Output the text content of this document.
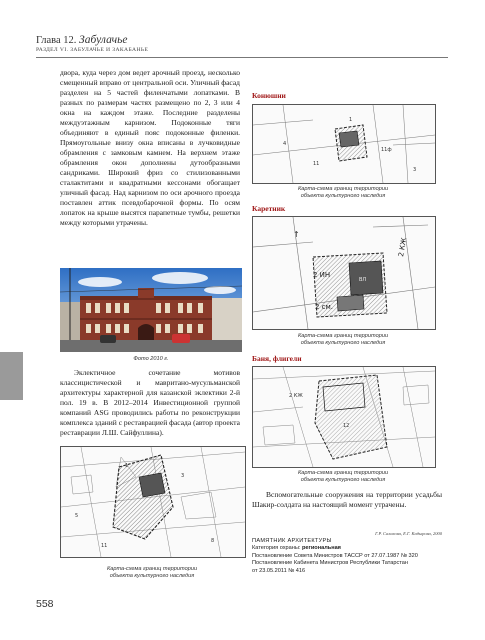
Глава 12. Забулачье
РАЗДЕЛ VI. ЗАБУЛАЧЬЕ И ЗАКАБАНЬЕ

двора, куда через дом ведет арочный проезд, несколько смещенный вправо от центральной оси. Уличный фасад разделен на 5 частей филенчатыми лопатками. В разных по размерам частях размещено по 2, 3 или 4 окна на каждом этаже. Последние разделены междуэтажным карнизом. Подоконные тяги объединяют в единый пояс подоконные филенки. Прямоугольные внизу окна вписаны в лучковидные обрамления с замковым камнем. На верхнем этаже обрамления окон дополнены дутообразными сандриками. Широкий фриз со стилизованными сталактитами и квадратными кессонами обогащает уличный фасад. Над карнизом по оси арочного проезда поставлен аттик псевдобарочной формы. По осям лопаток на крыше высятся парапетные тумбы, решетки между которыми утрачены.

Фото 2010 г.

Эклектичное сочетание мотивов классицистической и мавритано-мусульманской архитектуры характерной для казанской эклектики 2-й пол. 19 в. В 2012–2014 Инвестиционной группой компаний ASG проводились работы по реконструкции комплекса зданий с реставрацией фасада (автор проекта реставрации Л.Ш. Сайфуллина).

1
5
3
8
11
Карта-схема границ территории
объекта культурного наследия
Конюшни
1
4
11
11ф
3
Карта-схема границ территории
объекта культурного наследия
Каретник
2 ИН
2 см.
2 КЖ
ВЛ
↑
Карта-схема границ территории
объекта культурного наследия
Баня, флигели
12
2 КЖ
Карта-схема границ территории
объекта культурного наследия

Вспомогательные сооружения на территории усадьбы Шакир-солдата на настоящий момент утрачены.

Г.Р. Салахова, Е.Г. Кадырова, 2000
ПАМЯТНИК АРХИТЕКТУРЫ
Категория охраны: региональная
Постановление Совета Министров ТАССР от 27.07.1987 № 320
Постановление Кабинета Министров Республики Татарстан
от 23.05.2011 № 416
558
